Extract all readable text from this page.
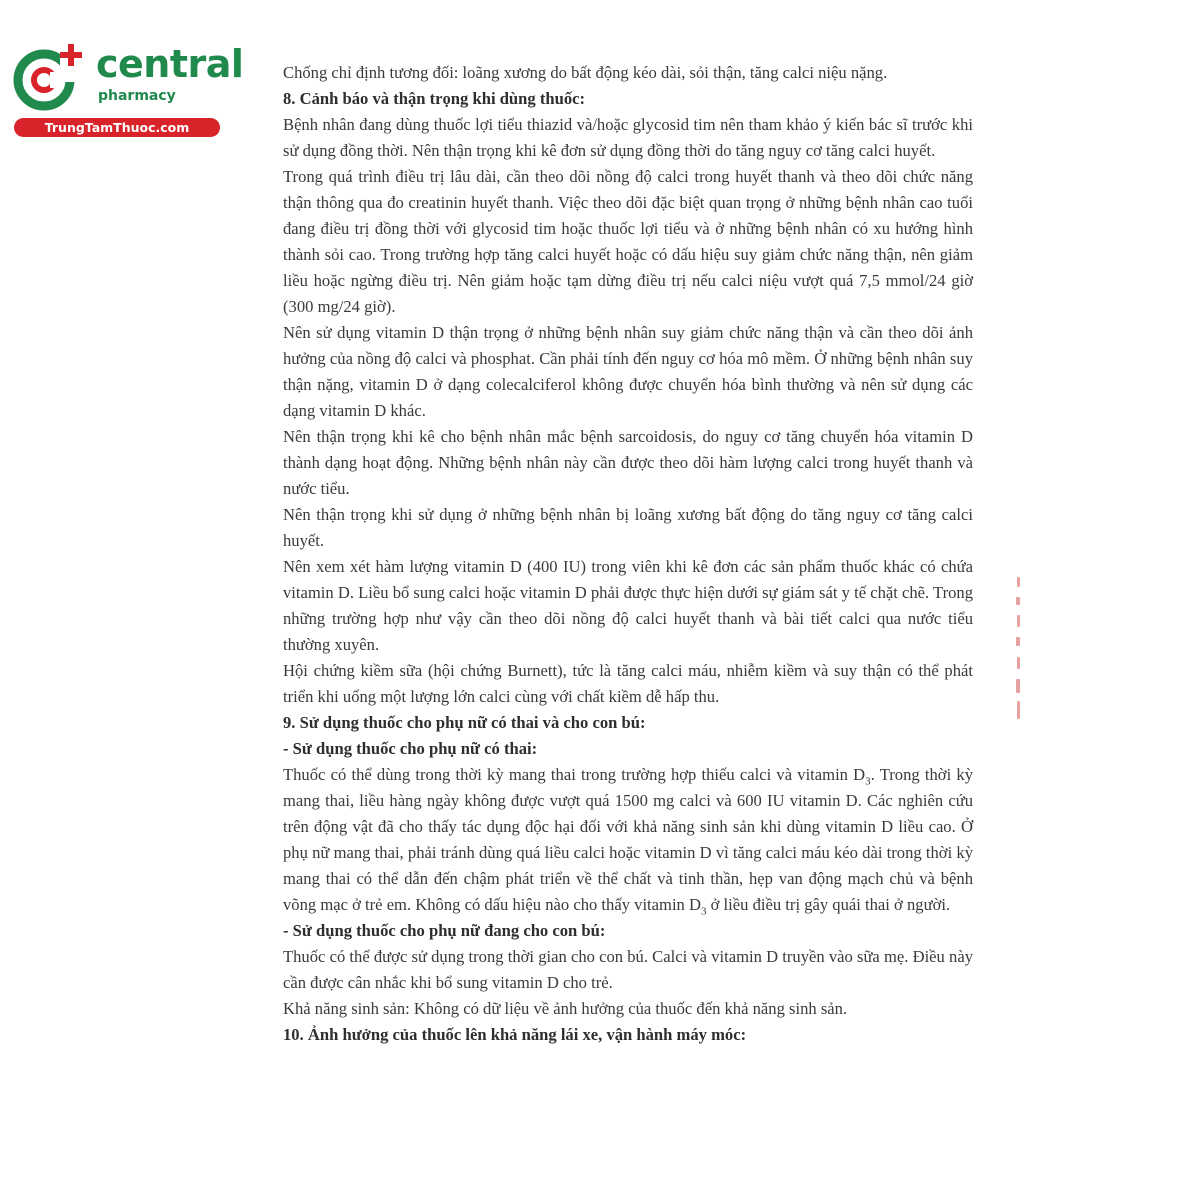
central
pharmacy
TrungTamThuoc.com

Chống chỉ định tương đối: loãng xương do bất động kéo dài, sỏi thận, tăng calci niệu nặng.

8. Cảnh báo và thận trọng khi dùng thuốc:

Bệnh nhân đang dùng thuốc lợi tiểu thiazid và/hoặc glycosid tim nên tham khảo ý kiến bác sĩ trước khi sử dụng đồng thời. Nên thận trọng khi kê đơn sử dụng đồng thời do tăng nguy cơ tăng calci huyết.

Trong quá trình điều trị lâu dài, cần theo dõi nồng độ calci trong huyết thanh và theo dõi chức năng thận thông qua đo creatinin huyết thanh. Việc theo dõi đặc biệt quan trọng ở những bệnh nhân cao tuổi đang điều trị đồng thời với glycosid tim hoặc thuốc lợi tiểu và ở những bệnh nhân có xu hướng hình thành sỏi cao. Trong trường hợp tăng calci huyết hoặc có dấu hiệu suy giảm chức năng thận, nên giảm liều hoặc ngừng điều trị. Nên giảm hoặc tạm dừng điều trị nếu calci niệu vượt quá 7,5 mmol/24 giờ (300 mg/24 giờ).

Nên sử dụng vitamin D thận trọng ở những bệnh nhân suy giảm chức năng thận và cần theo dõi ảnh hưởng của nồng độ calci và phosphat. Cần phải tính đến nguy cơ hóa mô mềm. Ở những bệnh nhân suy thận nặng, vitamin D ở dạng colecalciferol không được chuyển hóa bình thường và nên sử dụng các dạng vitamin D khác.

Nên thận trọng khi kê cho bệnh nhân mắc bệnh sarcoidosis, do nguy cơ tăng chuyển hóa vitamin D thành dạng hoạt động. Những bệnh nhân này cần được theo dõi hàm lượng calci trong huyết thanh và nước tiểu.

Nên thận trọng khi sử dụng ở những bệnh nhân bị loãng xương bất động do tăng nguy cơ tăng calci huyết.

Nên xem xét hàm lượng vitamin D (400 IU) trong viên khi kê đơn các sản phẩm thuốc khác có chứa vitamin D. Liều bổ sung calci hoặc vitamin D phải được thực hiện dưới sự giám sát y tế chặt chẽ. Trong những trường hợp như vậy cần theo dõi nồng độ calci huyết thanh và bài tiết calci qua nước tiểu thường xuyên.

Hội chứng kiềm sữa (hội chứng Burnett), tức là tăng calci máu, nhiễm kiềm và suy thận có thể phát triển khi uống một lượng lớn calci cùng với chất kiềm dễ hấp thu.

9. Sử dụng thuốc cho phụ nữ có thai và cho con bú:

- Sử dụng thuốc cho phụ nữ có thai:

Thuốc có thể dùng trong thời kỳ mang thai trong trường hợp thiếu calci và vitamin $D_3$. Trong thời kỳ mang thai, liều hàng ngày không được vượt quá 1500 mg calci và 600 IU vitamin D. Các nghiên cứu trên động vật đã cho thấy tác dụng độc hại đối với khả năng sinh sản khi dùng vitamin D liều cao. Ở phụ nữ mang thai, phải tránh dùng quá liều calci hoặc vitamin D vì tăng calci máu kéo dài trong thời kỳ mang thai có thể dẫn đến chậm phát triển về thể chất và tinh thần, hẹp van động mạch chủ và bệnh võng mạc ở trẻ em. Không có dấu hiệu nào cho thấy vitamin $D_3$ ở liều điều trị gây quái thai ở người.

- Sử dụng thuốc cho phụ nữ đang cho con bú:

Thuốc có thể được sử dụng trong thời gian cho con bú. Calci và vitamin D truyền vào sữa mẹ. Điều này cần được cân nhắc khi bổ sung vitamin D cho trẻ.

Khả năng sinh sản: Không có dữ liệu về ảnh hưởng của thuốc đến khả năng sinh sản.

10. Ảnh hưởng của thuốc lên khả năng lái xe, vận hành máy móc:
